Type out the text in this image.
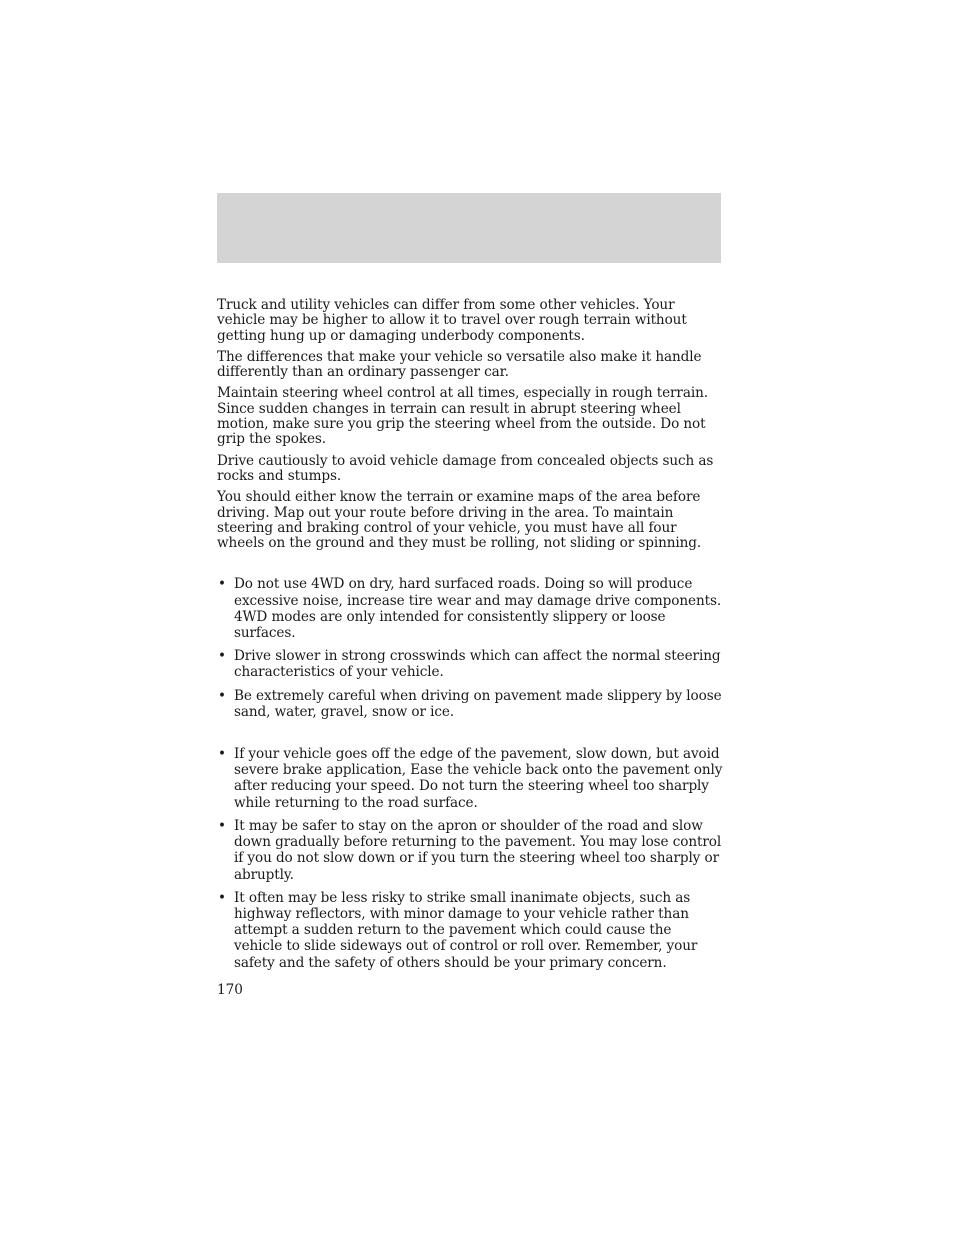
Truck and utility vehicles can differ from some other vehicles. Your vehicle may be higher to allow it to travel over rough terrain without getting hung up or damaging underbody components.

The differences that make your vehicle so versatile also make it handle differently than an ordinary passenger car.

Maintain steering wheel control at all times, especially in rough terrain. Since sudden changes in terrain can result in abrupt steering wheel motion, make sure you grip the steering wheel from the outside. Do not grip the spokes.

Drive cautiously to avoid vehicle damage from concealed objects such as rocks and stumps.

You should either know the terrain or examine maps of the area before driving. Map out your route before driving in the area. To maintain steering and braking control of your vehicle, you must have all four wheels on the ground and they must be rolling, not sliding or spinning.

• Do not use 4WD on dry, hard surfaced roads. Doing so will produce excessive noise, increase tire wear and may damage drive components. 4WD modes are only intended for consistently slippery or loose surfaces.
• Drive slower in strong crosswinds which can affect the normal steering characteristics of your vehicle.
• Be extremely careful when driving on pavement made slippery by loose sand, water, gravel, snow or ice.
• If your vehicle goes off the edge of the pavement, slow down, but avoid severe brake application, Ease the vehicle back onto the pavement only after reducing your speed. Do not turn the steering wheel too sharply while returning to the road surface.
• It may be safer to stay on the apron or shoulder of the road and slow down gradually before returning to the pavement. You may lose control if you do not slow down or if you turn the steering wheel too sharply or abruptly.
• It often may be less risky to strike small inanimate objects, such as highway reflectors, with minor damage to your vehicle rather than attempt a sudden return to the pavement which could cause the vehicle to slide sideways out of control or roll over. Remember, your safety and the safety of others should be your primary concern.
170
